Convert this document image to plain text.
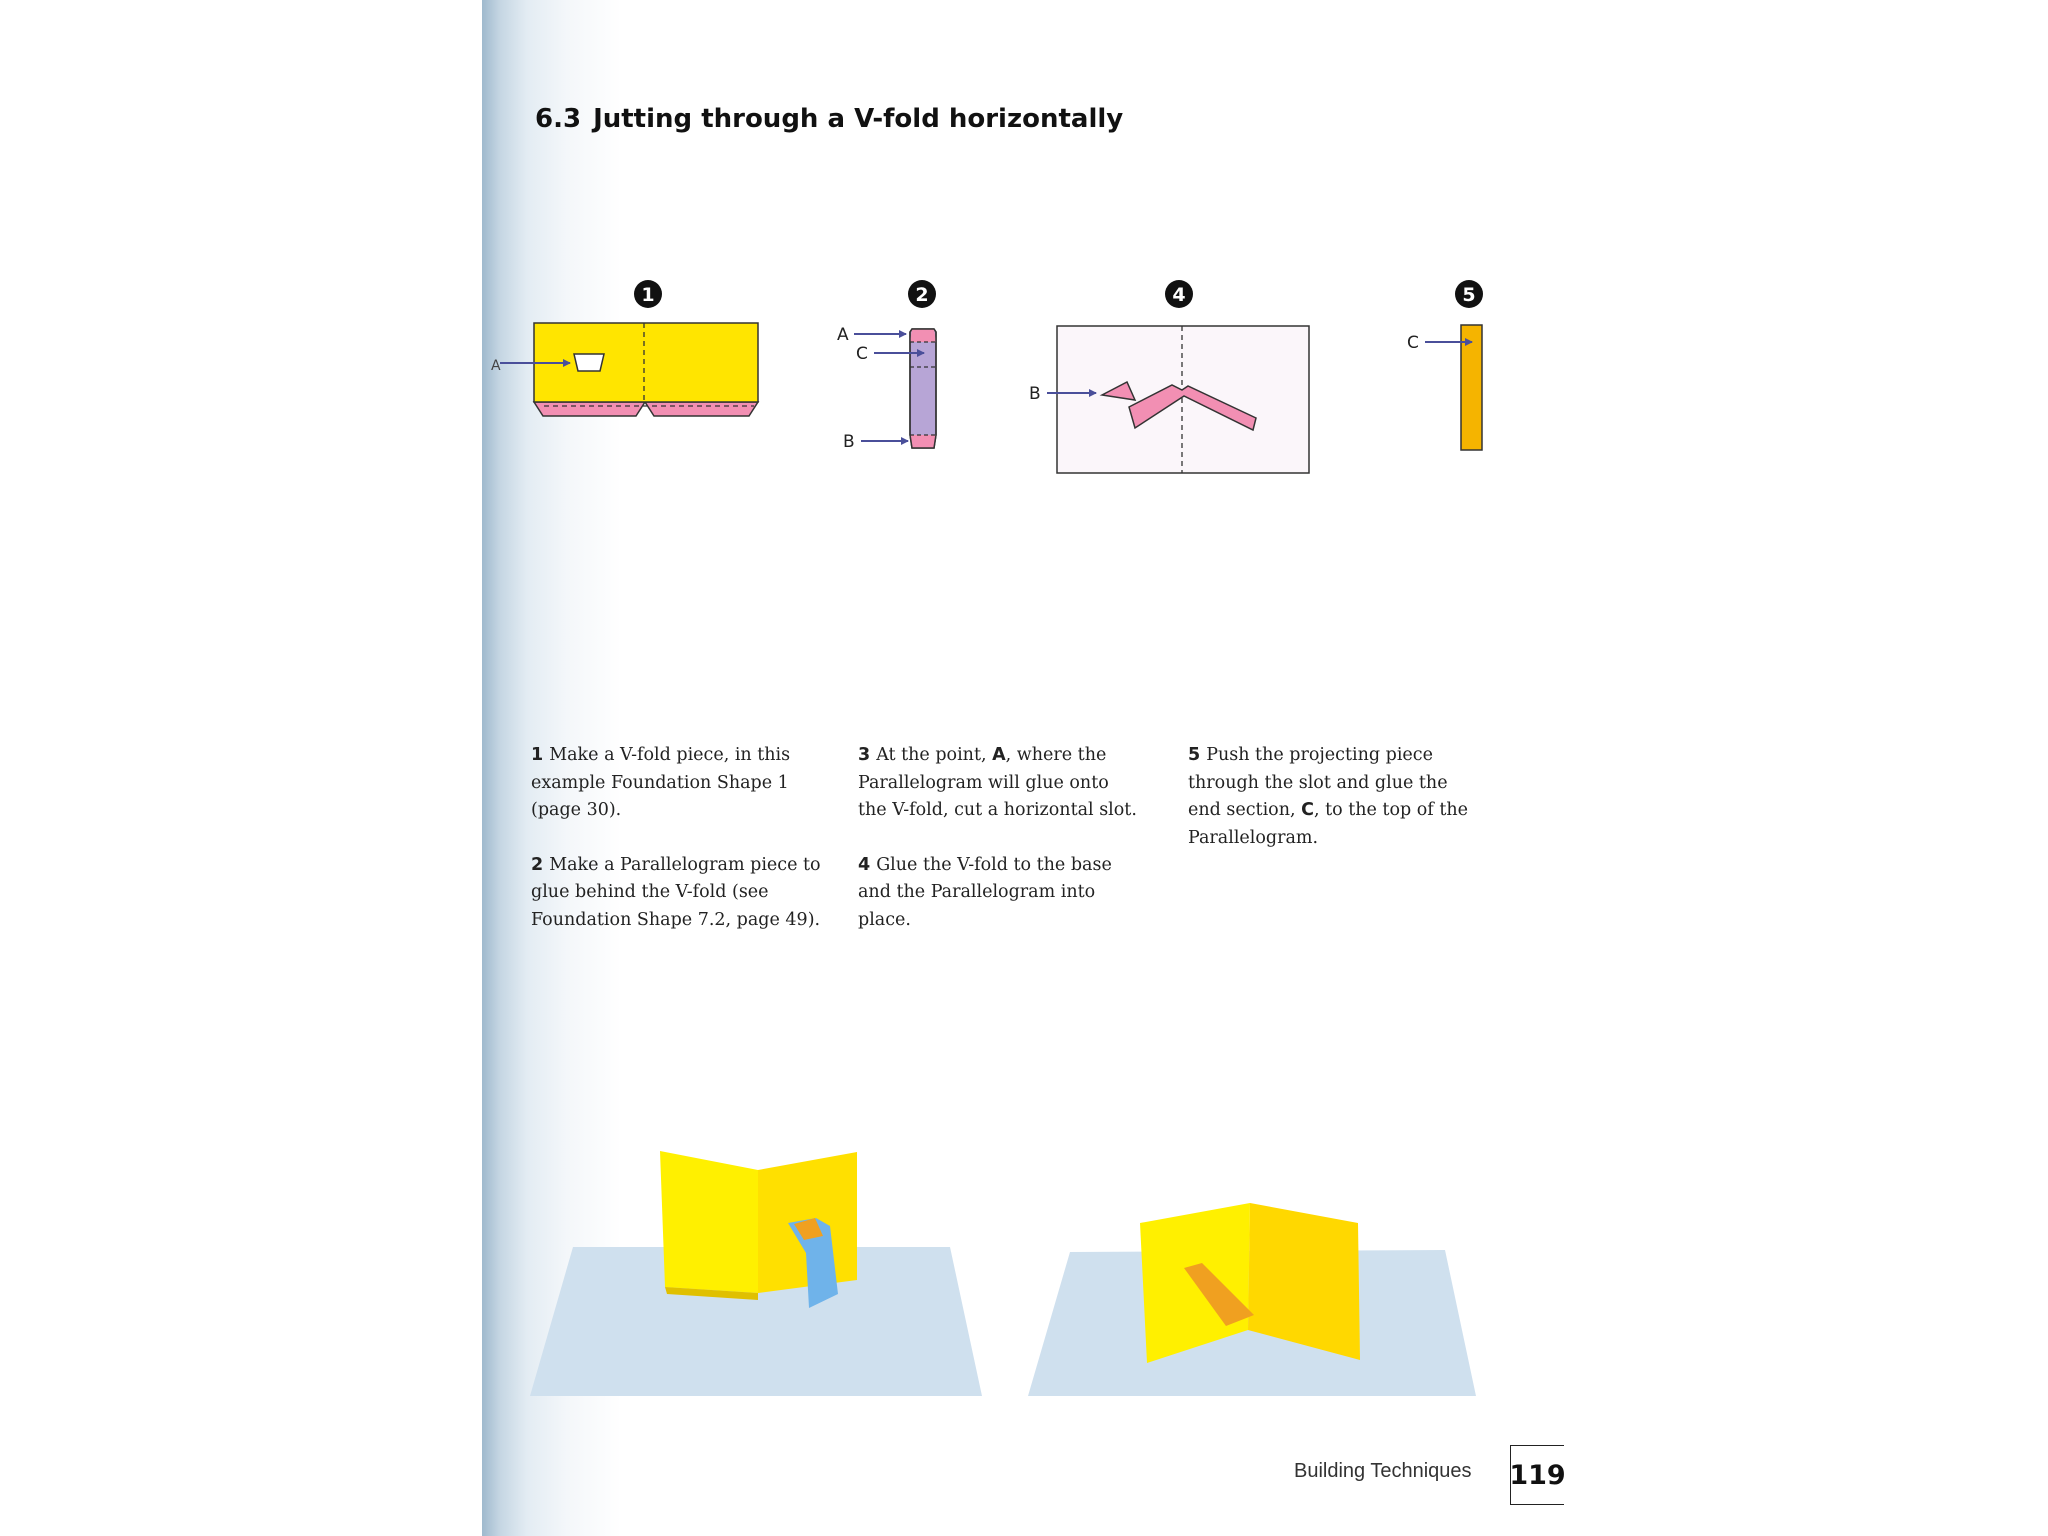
6.3 Jutting through a V-fold horizontally
1
A
2
A
C
B
4
B
5
C

1 Make a V-fold piece, in this example Foundation Shape 1 (page 30).

2 Make a Parallelogram piece to glue behind the V-fold (see Foundation Shape 7.2, page 49).

3 At the point, A, where the Parallelogram will glue onto the V-fold, cut a horizontal slot.

4 Glue the V-fold to the base and the Parallelogram into place.

5 Push the projecting piece through the slot and glue the end section, C, to the top of the Parallelogram.

Building Techniques 119
